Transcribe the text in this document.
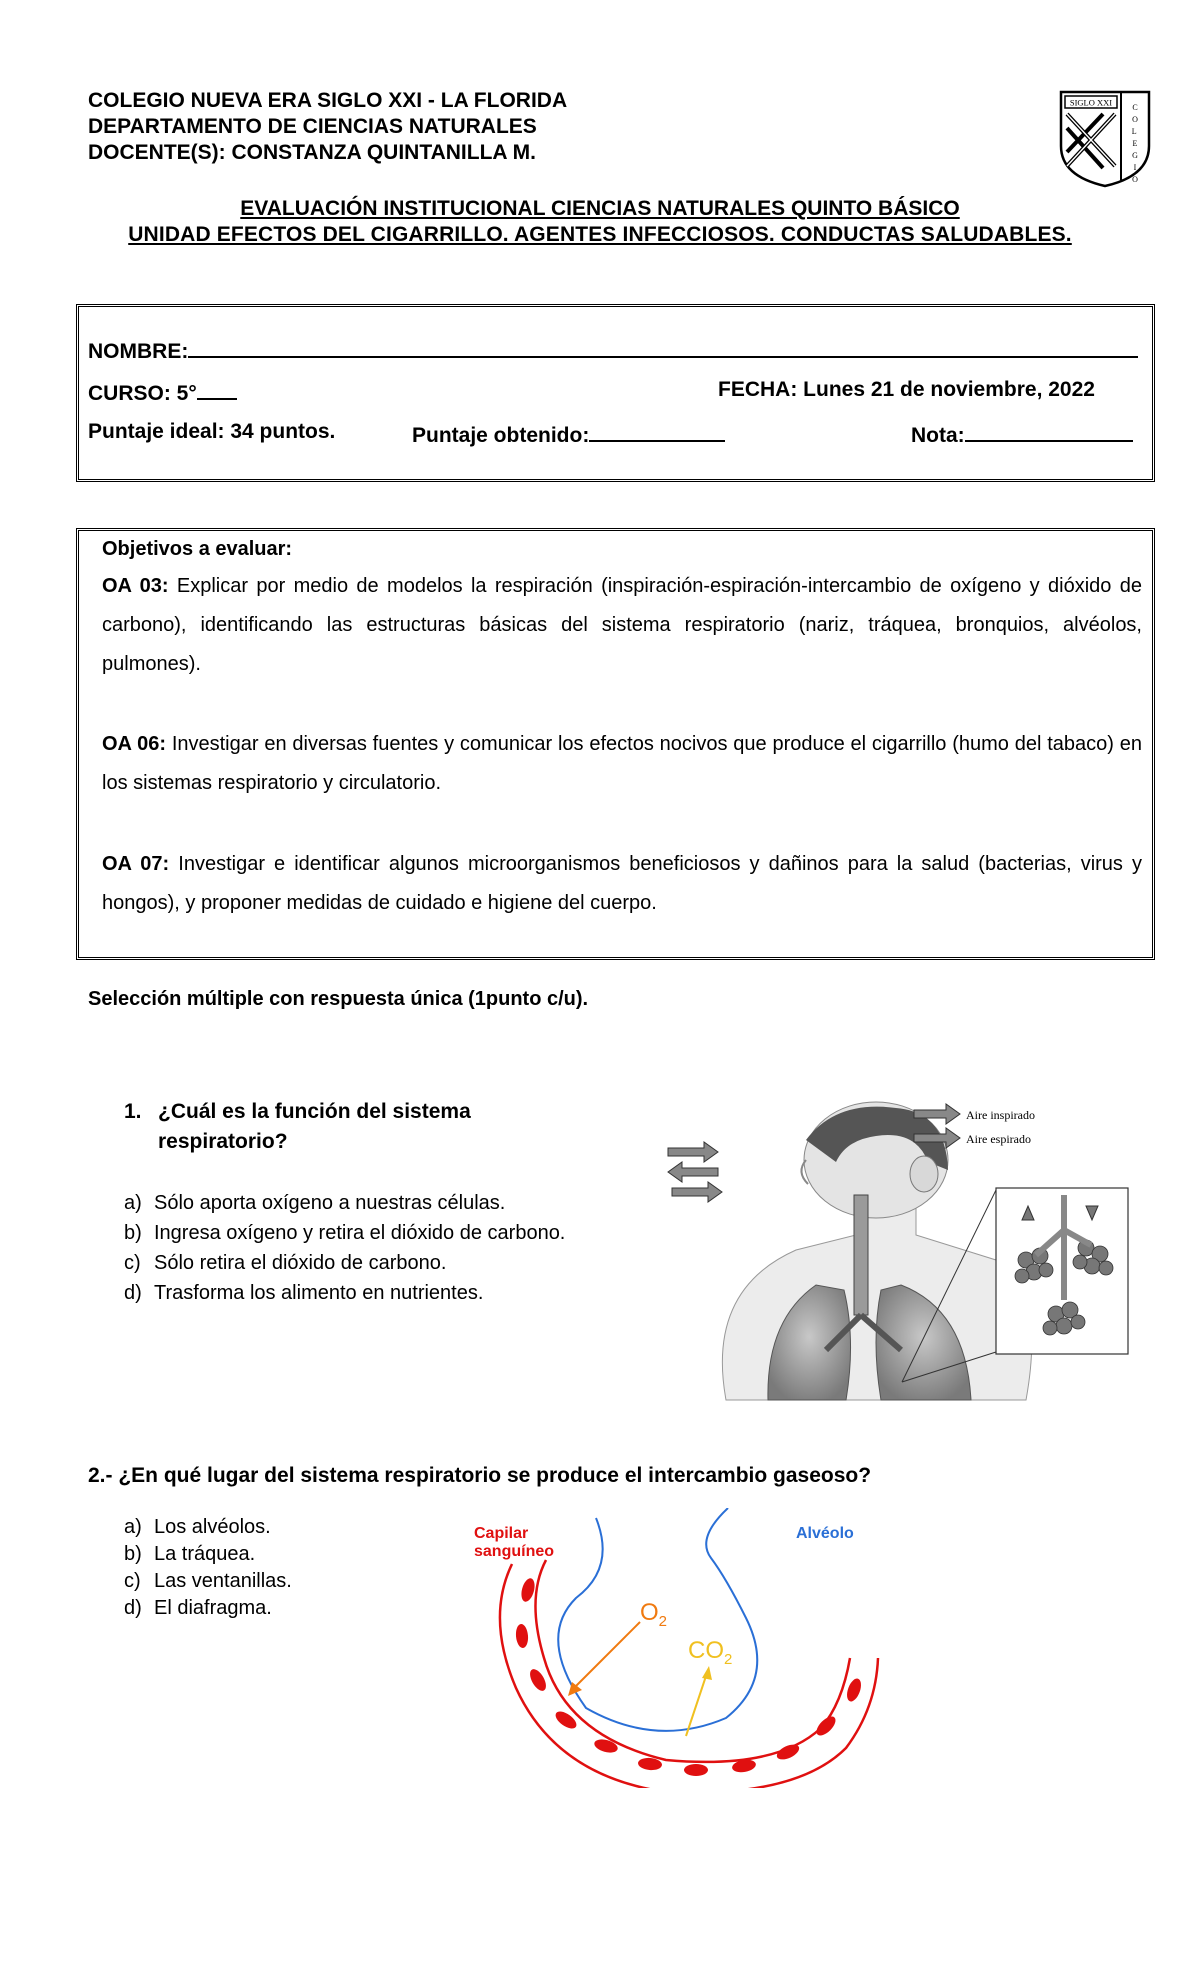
COLEGIO NUEVA ERA SIGLO XXI - LA FLORIDA
DEPARTAMENTO DE CIENCIAS NATURALES
DOCENTE(S): CONSTANZA QUINTANILLA M.
SIGLO XXI	C O L E G I O
EVALUACIÓN INSTITUCIONAL CIENCIAS NATURALES QUINTO BÁSICO
UNIDAD EFECTOS DEL CIGARRILLO. AGENTES INFECCIOSOS. CONDUCTAS SALUDABLES.
NOMBRE:
CURSO: 5°	FECHA: Lunes 21 de noviembre, 2022
Puntaje ideal: 34 puntos.	Puntaje obtenido:	Nota:
Objetivos a evaluar:
OA 03: Explicar por medio de modelos la respiración (inspiración-espiración-intercambio de oxígeno y dióxido de carbono), identificando las estructuras básicas del sistema respiratorio (nariz, tráquea, bronquios, alvéolos, pulmones).
OA 06: Investigar en diversas fuentes y comunicar los efectos nocivos que produce el cigarrillo (humo del tabaco) en los sistemas respiratorio y circulatorio.
OA 07: Investigar e identificar algunos microorganismos beneficiosos y dañinos para la salud (bacterias, virus y hongos), y proponer medidas de cuidado e higiene del cuerpo.
Selección múltiple con respuesta única (1punto c/u).
1. ¿Cuál es la función del sistema
respiratorio?
a) Sólo aporta oxígeno a nuestras células.
b) Ingresa oxígeno y retira el dióxido de carbono.
c) Sólo retira el dióxido de carbono.
d) Trasforma los alimento en nutrientes.
Aire inspirado
Aire espirado
2.- ¿En qué lugar del sistema respiratorio se produce el intercambio gaseoso?
a) Los alvéolos.
b) La tráquea.
c) Las ventanillas.
d) El diafragma.
Capilar
sanguíneo
Alvéolo
$O_2$
$CO_2$
